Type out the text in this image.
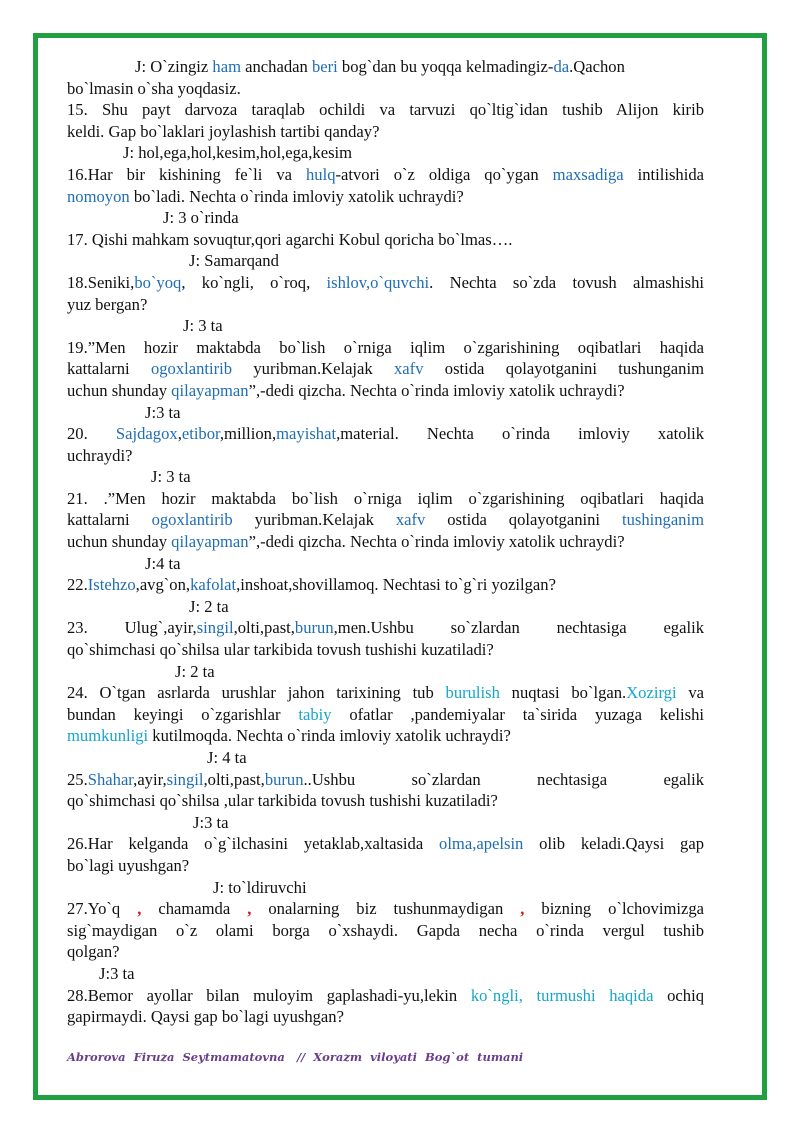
J: O`zingiz ham anchadan beri bog`dan bu yoqqa kelmadingiz-da.Qachon
bo`lmasin o`sha yoqdasiz.
15. Shu payt darvoza taraqlab ochildi va tarvuzi qo`ltig`idan tushib Alijon kirib
keldi. Gap bo`laklari joylashish tartibi qanday?
J: hol,ega,hol,kesim,hol,ega,kesim
16.Har bir kishining fe`li va hulq-atvori o`z oldiga qo`ygan maxsadiga intilishida
nomoyon bo`ladi. Nechta o`rinda imloviy xatolik uchraydi?
J: 3 o`rinda
17. Qishi mahkam sovuqtur,qori agarchi Kobul qoricha bo`lmas….
J: Samarqand
18.Seniki,bo`yoq, ko`ngli, o`roq, ishlov,o`quvchi. Nechta so`zda tovush almashishi
yuz bergan?
J: 3 ta
19.”Men hozir maktabda bo`lish o`rniga iqlim o`zgarishining oqibatlari haqida
kattalarni ogoxlantirib yuribman.Kelajak xafv ostida qolayotganini tushunganim
uchun shunday qilayapman”,-dedi qizcha. Nechta o`rinda imloviy xatolik uchraydi?
J:3 ta
20. Sajdagox,etibor,million,mayishat,material. Nechta o`rinda imloviy xatolik
uchraydi?
J: 3 ta
21. .”Men hozir maktabda bo`lish o`rniga iqlim o`zgarishining oqibatlari haqida
kattalarni ogoxlantirib yuribman.Kelajak xafv ostida qolayotganini tushinganim
uchun shunday qilayapman”,-dedi qizcha. Nechta o`rinda imloviy xatolik uchraydi?
J:4 ta
22.Istehzo,avg`on,kafolat,inshoat,shovillamoq. Nechtasi to`g`ri yozilgan?
J: 2 ta
23. Ulug`,ayir,singil,olti,past,burun,men.Ushbu so`zlardan nechtasiga egalik
qo`shimchasi qo`shilsa ular tarkibida tovush tushishi kuzatiladi?
J: 2 ta
24. O`tgan asrlarda urushlar jahon tarixining tub burulish nuqtasi bo`lgan.Xozirgi va
bundan keyingi o`zgarishlar tabiy ofatlar ,pandemiyalar ta`sirida yuzaga kelishi
mumkunligi kutilmoqda. Nechta o`rinda imloviy xatolik uchraydi?
J: 4 ta
25.Shahar,ayir,singil,olti,past,burun..Ushbu so`zlardan nechtasiga egalik
qo`shimchasi qo`shilsa ,ular tarkibida tovush tushishi kuzatiladi?
J:3 ta
26.Har kelganda o`g`ilchasini yetaklab,xaltasida olma,apelsin olib keladi.Qaysi gap
bo`lagi uyushgan?
J: to`ldiruvchi
27.Yo`q , chamamda , onalarning biz tushunmaydigan , bizning o`lchovimizga
sig`maydigan o`z olami borga o`xshaydi. Gapda necha o`rinda vergul tushib
qolgan?
J:3 ta
28.Bemor ayollar bilan muloyim gaplashadi-yu,lekin ko`ngli, turmushi haqida ochiq
gapirmaydi. Qaysi gap bo`lagi uyushgan?
Abrorova  Firuza  Seytmamatovna   //  Xorazm  viloyati  Bog`ot  tumani
